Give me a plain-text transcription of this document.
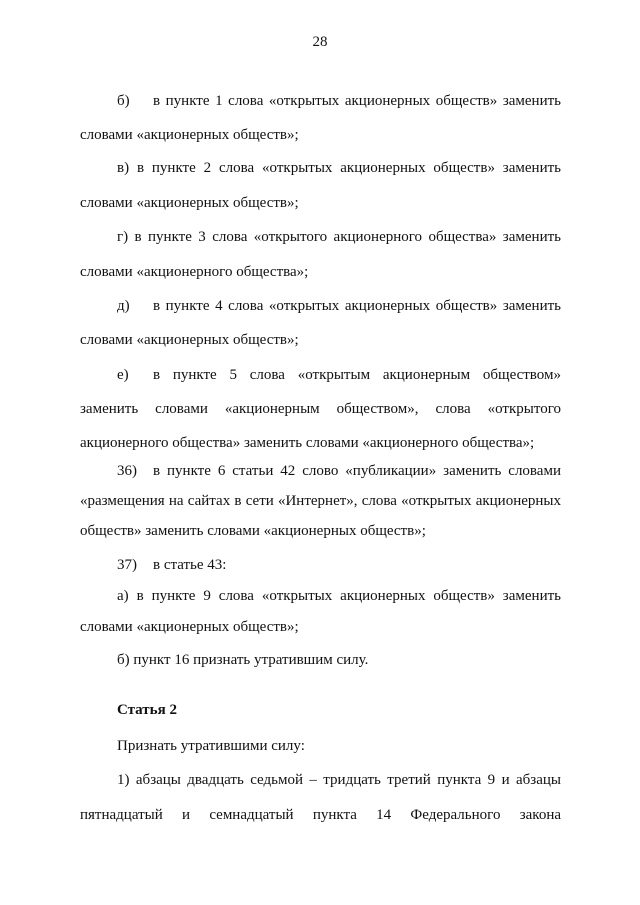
28
б) в пункте 1 слова «открытых акционерных обществ» заменить
словами «акционерных обществ»;
в) в пункте 2 слова «открытых акционерных обществ» заменить
словами «акционерных обществ»;
г) в пункте 3 слова «открытого акционерного общества» заменить
словами «акционерного общества»;
д) в пункте 4 слова «открытых акционерных обществ» заменить
словами «акционерных обществ»;
е) в пункте 5 слова «открытым акционерным обществом»
заменить словами «акционерным обществом», слова «открытого
акционерного общества» заменить словами «акционерного общества»;
36) в пункте 6 статьи 42 слово «публикации» заменить словами
«размещения на сайтах в сети «Интернет», слова «открытых акционерных
обществ» заменить словами «акционерных обществ»;
37) в статье 43:
а) в пункте 9 слова «открытых акционерных обществ» заменить
словами «акционерных обществ»;
б) пункт 16 признать утратившим силу.
Статья 2
Признать утратившими силу:
1) абзацы двадцать седьмой – тридцать третий пункта 9 и абзацы
пятнадцатый и семнадцатый пункта 14 Федерального закона
